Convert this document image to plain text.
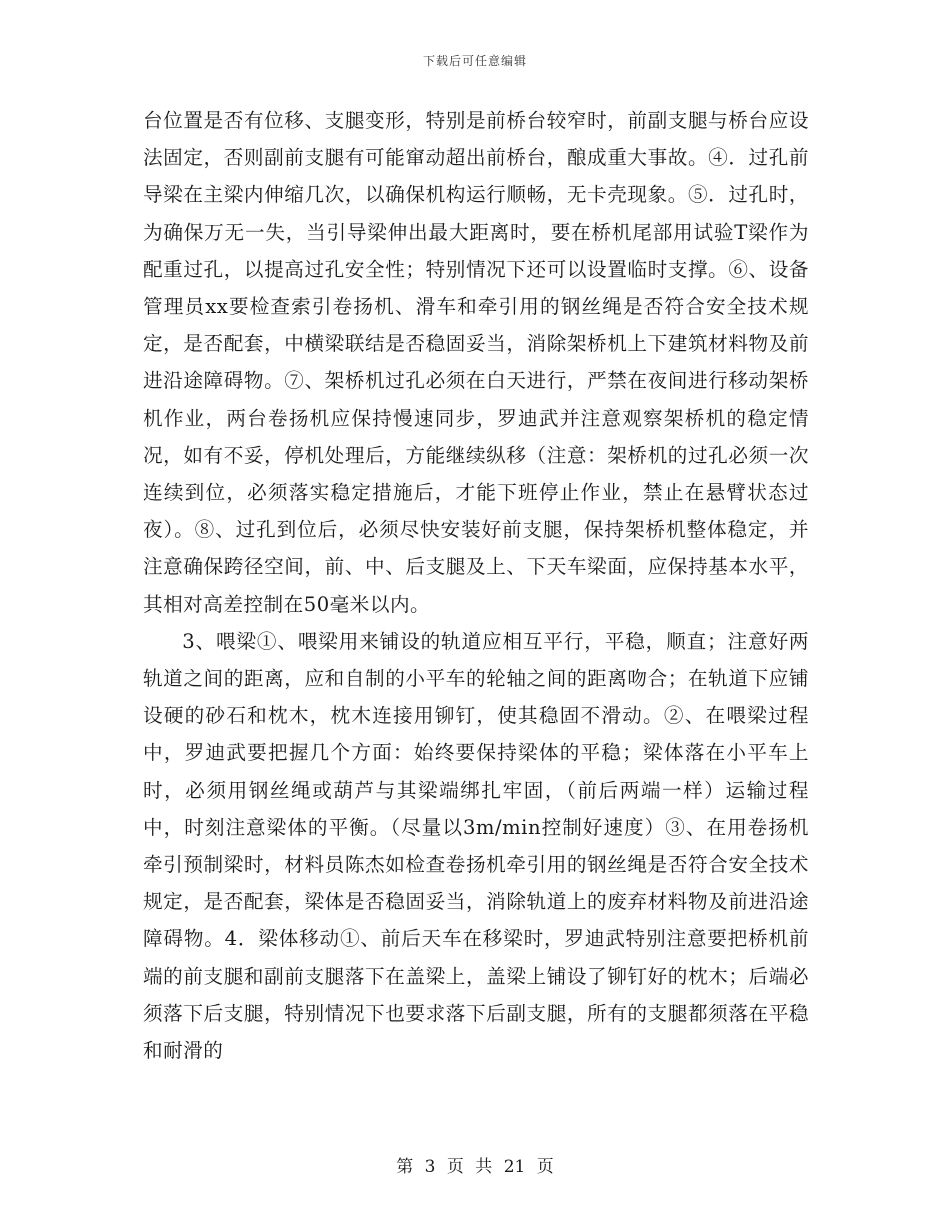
下载后可任意编辑

台位置是否有位移、支腿变形，特别是前桥台较窄时，前副支腿与桥台应设法固定，否则副前支腿有可能窜动超出前桥台，酿成重大事故。④．过孔前导梁在主梁内伸缩几次，以确保机构运行顺畅，无卡壳现象。⑤．过孔时，为确保万无一失，当引导梁伸出最大距离时，要在桥机尾部用试验T梁作为配重过孔，以提高过孔安全性；特别情况下还可以设置临时支撑。⑥、设备管理员xx要检查索引卷扬机、滑车和牵引用的钢丝绳是否符合安全技术规定，是否配套，中横梁联结是否稳固妥当，消除架桥机上下建筑材料物及前进沿途障碍物。⑦、架桥机过孔必须在白天进行，严禁在夜间进行移动架桥机作业，两台卷扬机应保持慢速同步，罗迪武并注意观察架桥机的稳定情况，如有不妥，停机处理后，方能继续纵移（注意：架桥机的过孔必须一次连续到位，必须落实稳定措施后，才能下班停止作业，禁止在悬臂状态过夜）。⑧、过孔到位后，必须尽快安装好前支腿，保持架桥机整体稳定，并注意确保跨径空间，前、中、后支腿及上、下天车梁面，应保持基本水平，其相对高差控制在50毫米以内。

3、喂梁①、喂梁用来铺设的轨道应相互平行，平稳，顺直；注意好两轨道之间的距离，应和自制的小平车的轮轴之间的距离吻合；在轨道下应铺设硬的砂石和枕木，枕木连接用铆钉，使其稳固不滑动。②、在喂梁过程中，罗迪武要把握几个方面：始终要保持梁体的平稳；梁体落在小平车上时，必须用钢丝绳或葫芦与其梁端绑扎牢固，（前后两端一样）运输过程中，时刻注意梁体的平衡。（尽量以3m/min控制好速度）③、在用卷扬机牵引预制梁时，材料员陈杰如检查卷扬机牵引用的钢丝绳是否符合安全技术规定，是否配套，梁体是否稳固妥当，消除轨道上的废弃材料物及前进沿途障碍物。4．梁体移动①、前后天车在移梁时，罗迪武特别注意要把桥机前端的前支腿和副前支腿落下在盖梁上，盖梁上铺设了铆钉好的枕木；后端必须落下后支腿，特别情况下也要求落下后副支腿，所有的支腿都须落在平稳和耐滑的

第 3 页 共 21 页
